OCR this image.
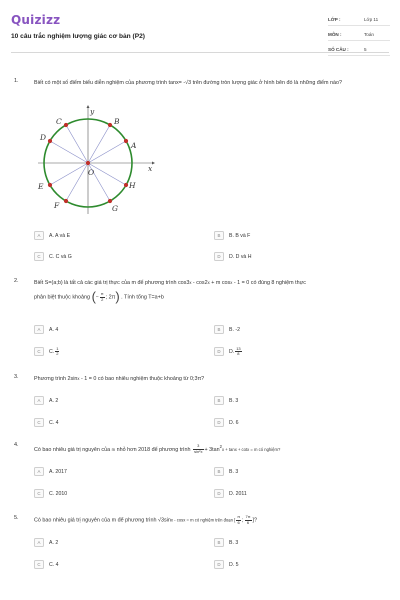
Quizizz
10 câu trắc nghiệm lượng giác cơ bản (P2)
LỚP :	Lớp 11
MÔN :	Toán
SỐ CÂU :	5
1.	Biết có một số điểm biểu diễn nghiệm của phương trình tanx= -√3 trên đường tròn lượng giác ở hình bên đó là những điểm nào?
A
B
C
D
E
F	G
H
O	x
y
A	A. A và E	B	B. B và F
C	C. C và G	D	D. D và H
2.	Biết S=(a;b) là tất cả các giá trị thực của m để phương trình cos3x - cos2x + m cosx - 1 = 0 có đúng 8 nghiệm thực
phân biệt thuộc khoảng (− $\frac{\pi}{2}$ ; 2π) . Tính tổng T=a+b
A	A. 4	B	B. -2
C	C. $\frac{1}{2}$	D	D. $\frac{13}{8}$
3.	Phương trình 2sinx - 1 = 0 có bao nhiêu nghiệm thuộc khoảng từ 0;3π?
A	A. 2	B	B. 3
C	C. 4	D	D. 6
4.
Có bao nhiêu giá trị nguyên của m nhỏ hơn 2018 để phương trình $\frac{3}{\text{sin²x}} + 3\tan^2x + \tan x + \cot x = m$ có nghiệm?
A	A. 2017	B	B. 3
C	C. 2010	D	D. 2011
5.	Có bao nhiêu giá trị nguyên của m để phương trình √3sinx - cosx = m có nghiệm trên đoạn [ $\frac{\pi}{6}$ ; $\frac{7\pi}{6}$ ]?
A	A. 2	B	B. 3
C	C. 4	D	D. 5
